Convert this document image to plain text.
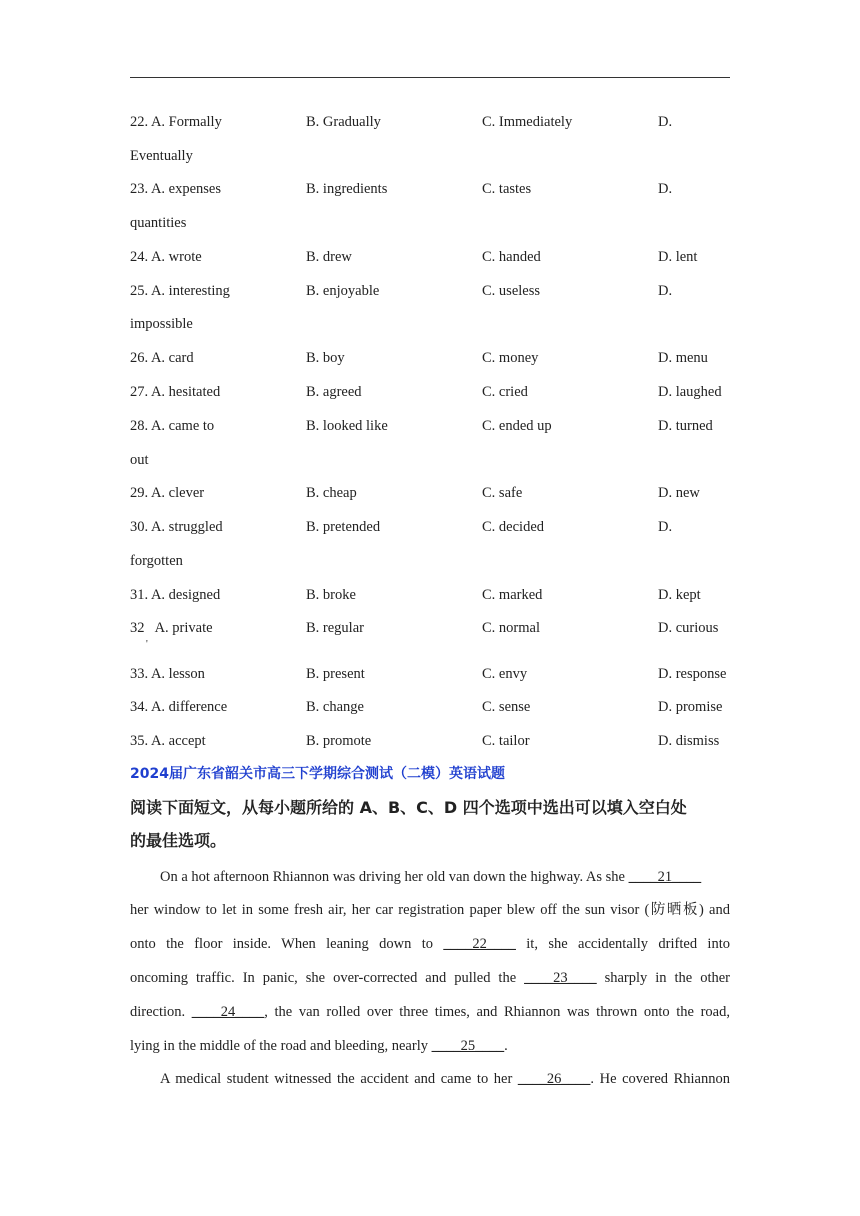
22. A. Formally	B. Gradually	C. Immediately	D.
Eventually
23. A. expenses	B. ingredients	C. tastes	D.
quantities
24. A. wrote	B. drew	C. handed	D. lent
25. A. interesting	B. enjoyable	C. useless	D.
impossible
26. A. card	B. boy	C. money	D. menu
27. A. hesitated	B. agreed	C. cried	D. laughed
28. A. came to	B. looked like	C. ended up	D. turned
out
29. A. clever	B. cheap	C. safe	D. new
30. A. struggled	B. pretended	C. decided	D.
forgotten
31. A. designed	B. broke	C. marked	D. kept
32   A. private	B. regular	C. normal	D. curious
'
33. A. lesson	B. present	C. envy	D. response
34. A. difference	B. change	C. sense	D. promise
35. A. accept	B. promote	C. tailor	D. dismiss
2024届广东省韶关市高三下学期综合测试（二模）英语试题
阅读下面短文，从每小题所给的 A、B、C、D 四个选项中选出可以填入空白处
的最佳选项。
On a hot afternoon Rhiannon was driving her old van down the highway. As she ____21____
her window to let in some fresh air, her car registration paper blew off the sun visor (防晒板) and
onto the floor inside. When leaning down to ____22____ it, she accidentally drifted into
oncoming traffic. In panic, she over-corrected and pulled the ____23____ sharply in the other
direction. ____24____, the van rolled over three times, and Rhiannon was thrown onto the road,
lying in the middle of the road and bleeding, nearly ____25____.
A medical student witnessed the accident and came to her ____26____. He covered Rhiannon
